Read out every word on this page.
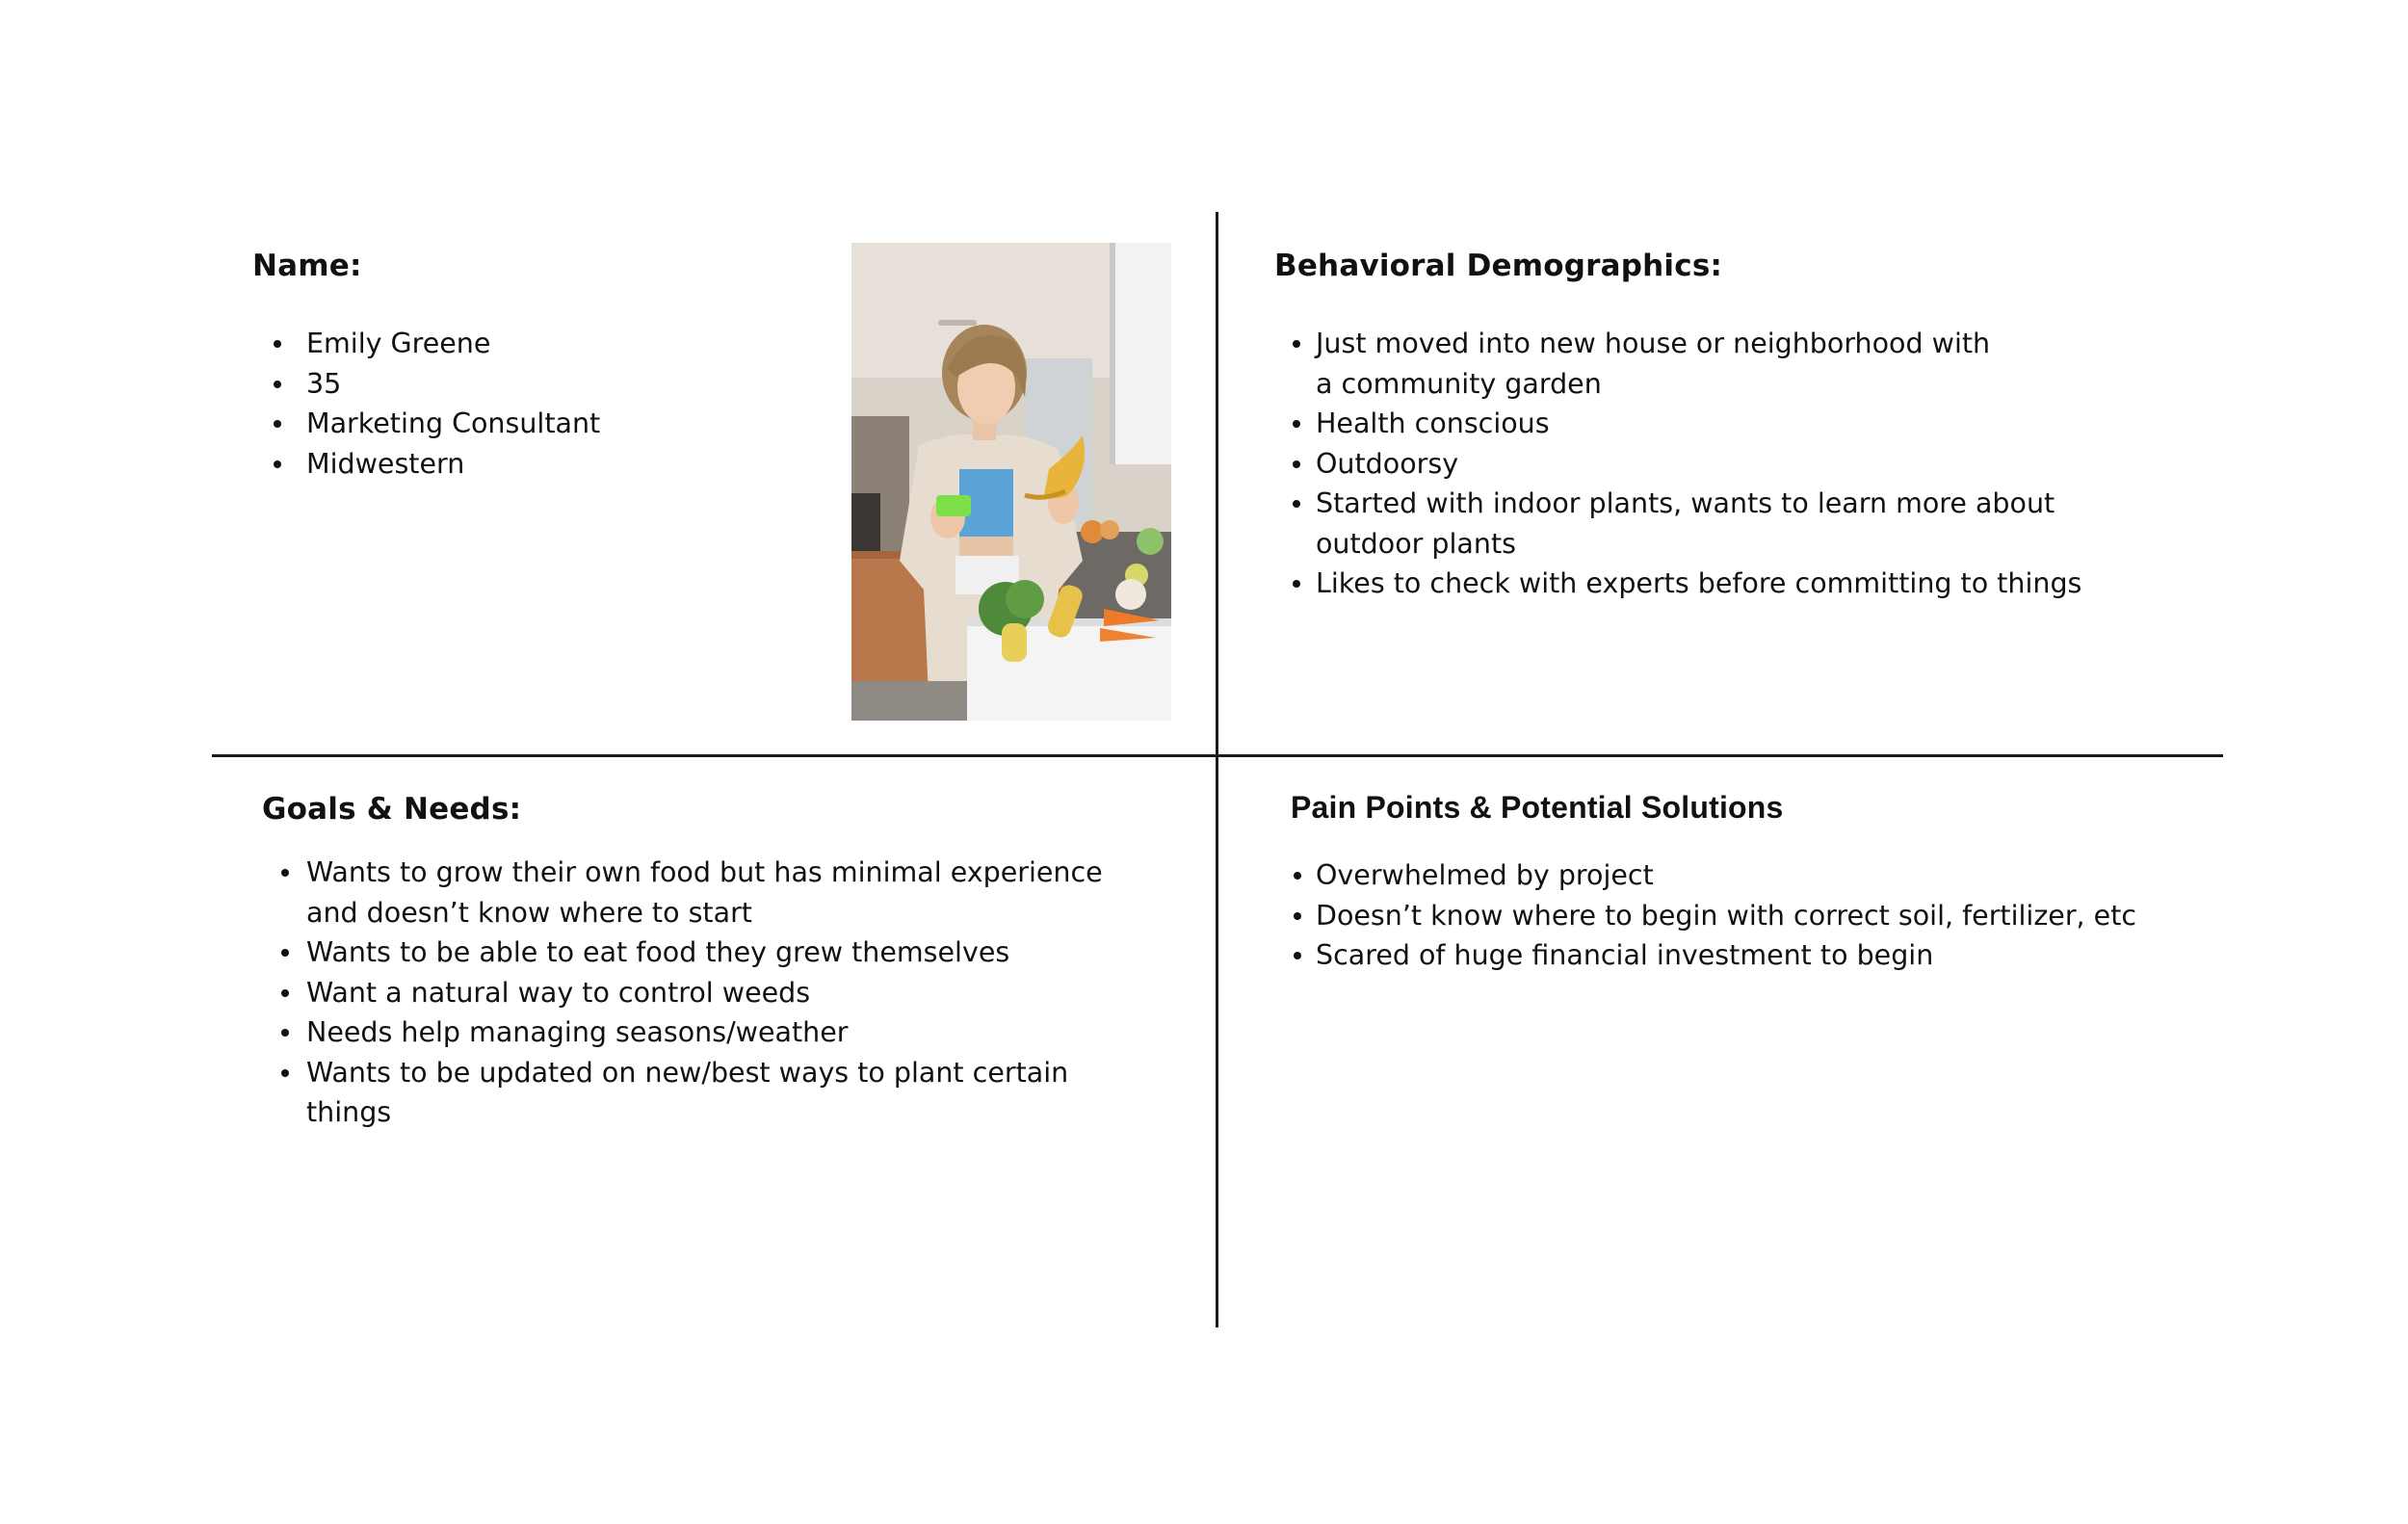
Name:
Emily Greene
35
Marketing Consultant
Midwestern
Behavioral Demographics:
Just moved into new house or neighborhood with a community garden
Health conscious
Outdoorsy
Started with indoor plants, wants to learn more about outdoor plants
Likes to check with experts before committing to things
Goals & Needs:
Wants to grow their own food but has minimal experience and doesn’t know where to start
Wants to be able to eat food they grew themselves
Want a natural way to control weeds
Needs help managing seasons/weather
Wants to be updated on new/best ways to plant certain things
Pain Points & Potential Solutions
Overwhelmed by project
Doesn’t know where to begin with correct soil, fertilizer, etc
Scared of huge financial investment to begin
